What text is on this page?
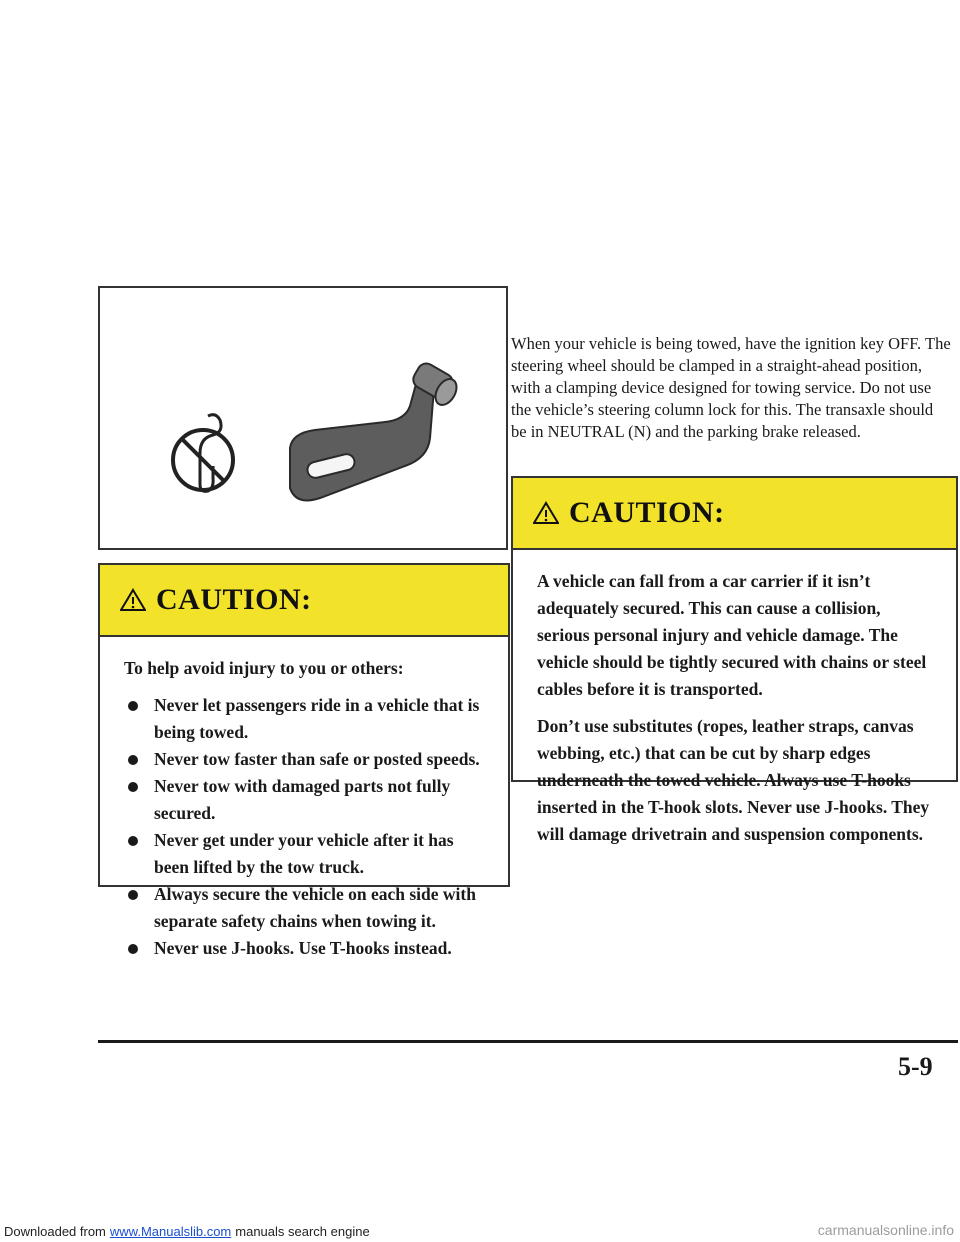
CAUTION:

To help avoid injury to you or others:

Never let passengers ride in a vehicle that is being towed.
Never tow faster than safe or posted speeds.
Never tow with damaged parts not fully secured.
Never get under your vehicle after it has been lifted by the tow truck.
Always secure the vehicle on each side with separate safety chains when towing it.
Never use J-hooks. Use T-hooks instead.
When your vehicle is being towed, have the ignition key OFF. The steering wheel should be clamped in a straight-ahead position, with a clamping device designed for towing service. Do not use the vehicle’s steering column lock for this. The transaxle should be in NEUTRAL (N) and the parking brake released.
CAUTION:

A vehicle can fall from a car carrier if it isn’t adequately secured. This can cause a collision, serious personal injury and vehicle damage. The vehicle should be tightly secured with chains or steel cables before it is transported.

Don’t use substitutes (ropes, leather straps, canvas webbing, etc.) that can be cut by sharp edges underneath the towed vehicle. Always use T-hooks inserted in the T-hook slots. Never use J-hooks. They will damage drivetrain and suspension components.

5-9
Downloaded from www.Manualslib.com manuals search engine	carmanualsonline.info
